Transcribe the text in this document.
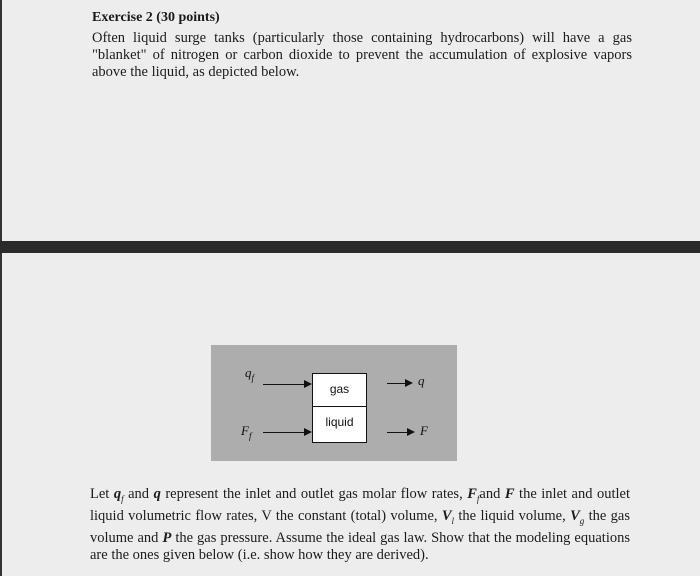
Exercise 2 (30 points)
Often liquid surge tanks (particularly those containing hydrocarbons) will have a gas "blanket" of nitrogen or carbon dioxide to prevent the accumulation of explosive vapors above the liquid, as depicted below.
$q_f$
gas
liquid
q
$F_f$	F
Let $q_f$ and q represent the inlet and outlet gas molar flow rates, $F_fand$ F the inlet and outlet liquid volumetric flow rates, V the constant (total) volume, $V_l$ the liquid volume, $V_g$ the gas volume and P the gas pressure. Assume the ideal gas law. Show that the modeling equations are the ones given below (i.e. show how they are derived).
